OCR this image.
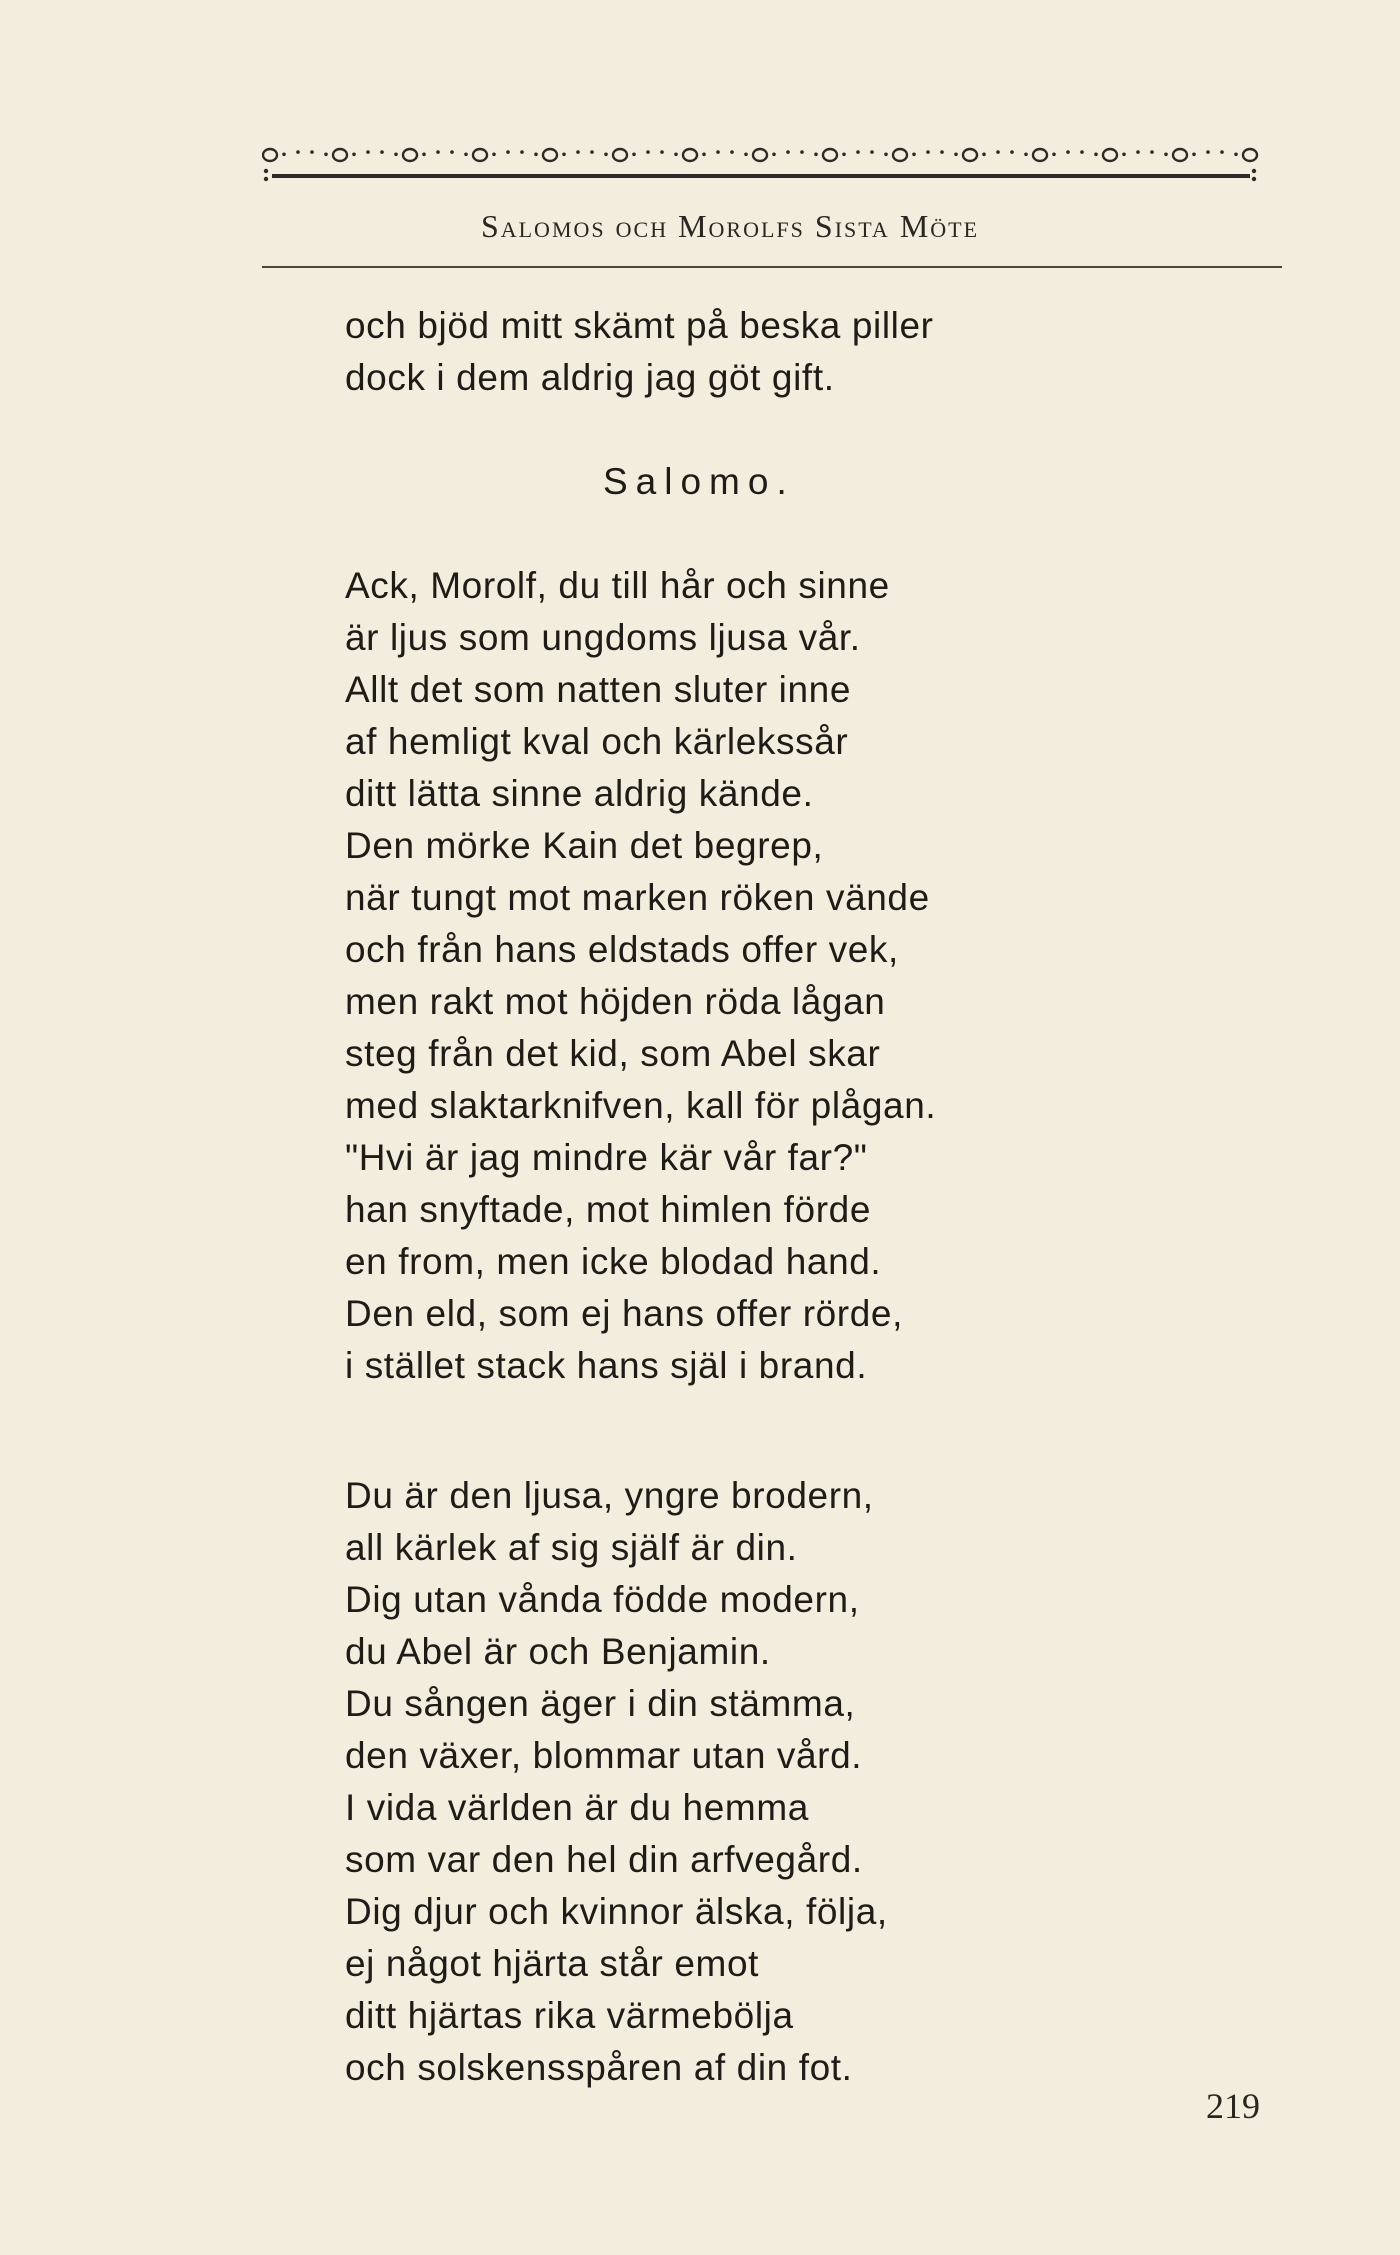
Salomos och Morolfs Sista Möte
och bjöd mitt skämt på beska piller
dock i dem aldrig jag göt gift.
Salomo.
Ack, Morolf, du till hår och sinne
är ljus som ungdoms ljusa vår.
Allt det som natten sluter inne
af hemligt kval och kärlekssår
ditt lätta sinne aldrig kände.
Den mörke Kain det begrep,
när tungt mot marken röken vände
och från hans eldstads offer vek,
men rakt mot höjden röda lågan
steg från det kid, som Abel skar
med slaktarknifven, kall för plågan.
"Hvi är jag mindre kär vår far?"
han snyftade, mot himlen förde
en from, men icke blodad hand.
Den eld, som ej hans offer rörde,
i stället stack hans själ i brand.
Du är den ljusa, yngre brodern,
all kärlek af sig själf är din.
Dig utan vånda födde modern,
du Abel är och Benjamin.
Du sången äger i din stämma,
den växer, blommar utan vård.
I vida världen är du hemma
som var den hel din arfvegård.
Dig djur och kvinnor älska, följa,
ej något hjärta står emot
ditt hjärtas rika värmebölja
och solskensspåren af din fot.
219
